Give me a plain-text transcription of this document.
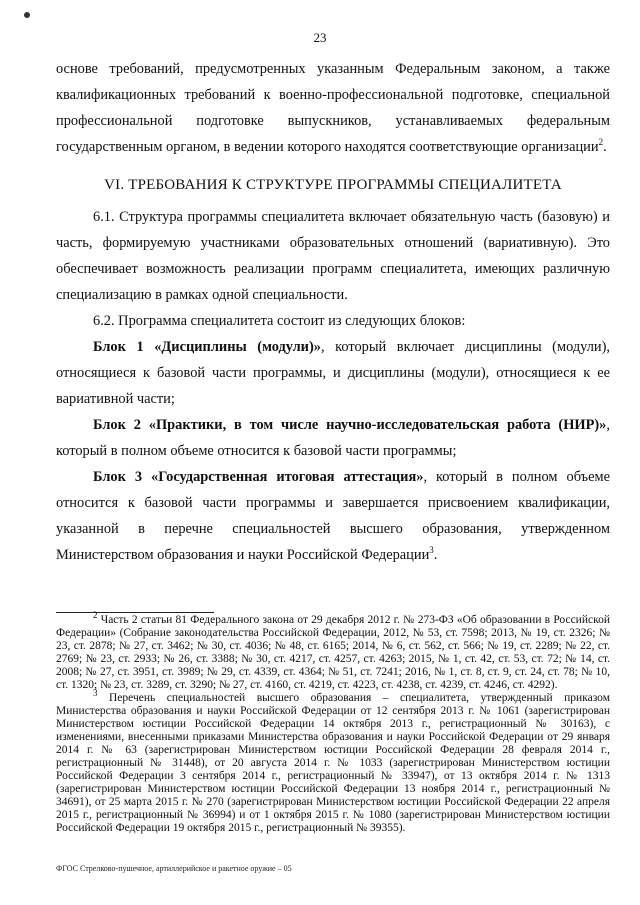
23

основе требований, предусмотренных указанным Федеральным законом, а также квалификационных требований к военно-профессиональной подготовке, специальной профессиональной подготовке выпускников, устанавливаемых федеральным государственным органом, в ведении которого находятся соответствующие организации$^2$.

VI. ТРЕБОВАНИЯ К СТРУКТУРЕ ПРОГРАММЫ СПЕЦИАЛИТЕТА

6.1. Структура программы специалитета включает обязательную часть (базовую) и часть, формируемую участниками образовательных отношений (вариативную). Это обеспечивает возможность реализации программ специалитета, имеющих различную специализацию в рамках одной специальности.

6.2. Программа специалитета состоит из следующих блоков:

Блок 1 «Дисциплины (модули)», который включает дисциплины (модули), относящиеся к базовой части программы, и дисциплины (модули), относящиеся к ее вариативной части;

Блок 2 «Практики, в том числе научно-исследовательская работа (НИР)», который в полном объеме относится к базовой части программы;

Блок 3 «Государственная итоговая аттестация», который в полном объеме относится к базовой части программы и завершается присвоением квалификации, указанной в перечне специальностей высшего образования, утвержденном Министерством образования и науки Российской Федерации$^3$.

$^2$ Часть 2 статьи 81 Федерального закона от 29 декабря 2012 г. № 273-ФЗ «Об образовании в Российской Федерации» (Собрание законодательства Российской Федерации, 2012, № 53, ст. 7598; 2013, № 19, ст. 2326; № 23, ст. 2878; № 27, ст. 3462; № 30, ст. 4036; № 48, ст. 6165; 2014, № 6, ст. 562, ст. 566; № 19, ст. 2289; № 22, ст. 2769; № 23, ст. 2933; № 26, ст. 3388; № 30, ст. 4217, ст. 4257, ст. 4263; 2015, № 1, ст. 42, ст. 53, ст. 72; № 14, ст. 2008; № 27, ст. 3951, ст. 3989; № 29, ст. 4339, ст. 4364; № 51, ст. 7241; 2016, № 1, ст. 8, ст. 9, ст. 24, ст. 78; № 10, ст. 1320; № 23, ст. 3289, ст. 3290; № 27, ст. 4160, ст. 4219, ст. 4223, ст. 4238, ст. 4239, ст. 4246, ст. 4292).

$^3$ Перечень специальностей высшего образования – специалитета, утвержденный приказом Министерства образования и науки Российской Федерации от 12 сентября 2013 г. № 1061 (зарегистрирован Министерством юстиции Российской Федерации 14 октября 2013 г., регистрационный № 30163), с изменениями, внесенными приказами Министерства образования и науки Российской Федерации от 29 января 2014 г. № 63 (зарегистрирован Министерством юстиции Российской Федерации 28 февраля 2014 г., регистрационный № 31448), от 20 августа 2014 г. № 1033 (зарегистрирован Министерством юстиции Российской Федерации 3 сентября 2014 г., регистрационный № 33947), от 13 октября 2014 г. № 1313 (зарегистрирован Министерством юстиции Российской Федерации 13 ноября 2014 г., регистрационный № 34691), от 25 марта 2015 г. № 270 (зарегистрирован Министерством юстиции Российской Федерации 22 апреля 2015 г., регистрационный № 36994) и от 1 октября 2015 г. № 1080 (зарегистрирован Министерством юстиции Российской Федерации 19 октября 2015 г., регистрационный № 39355).

ФГОС Стрелково-пушечное, артиллерийское и ракетное оружие – 05
